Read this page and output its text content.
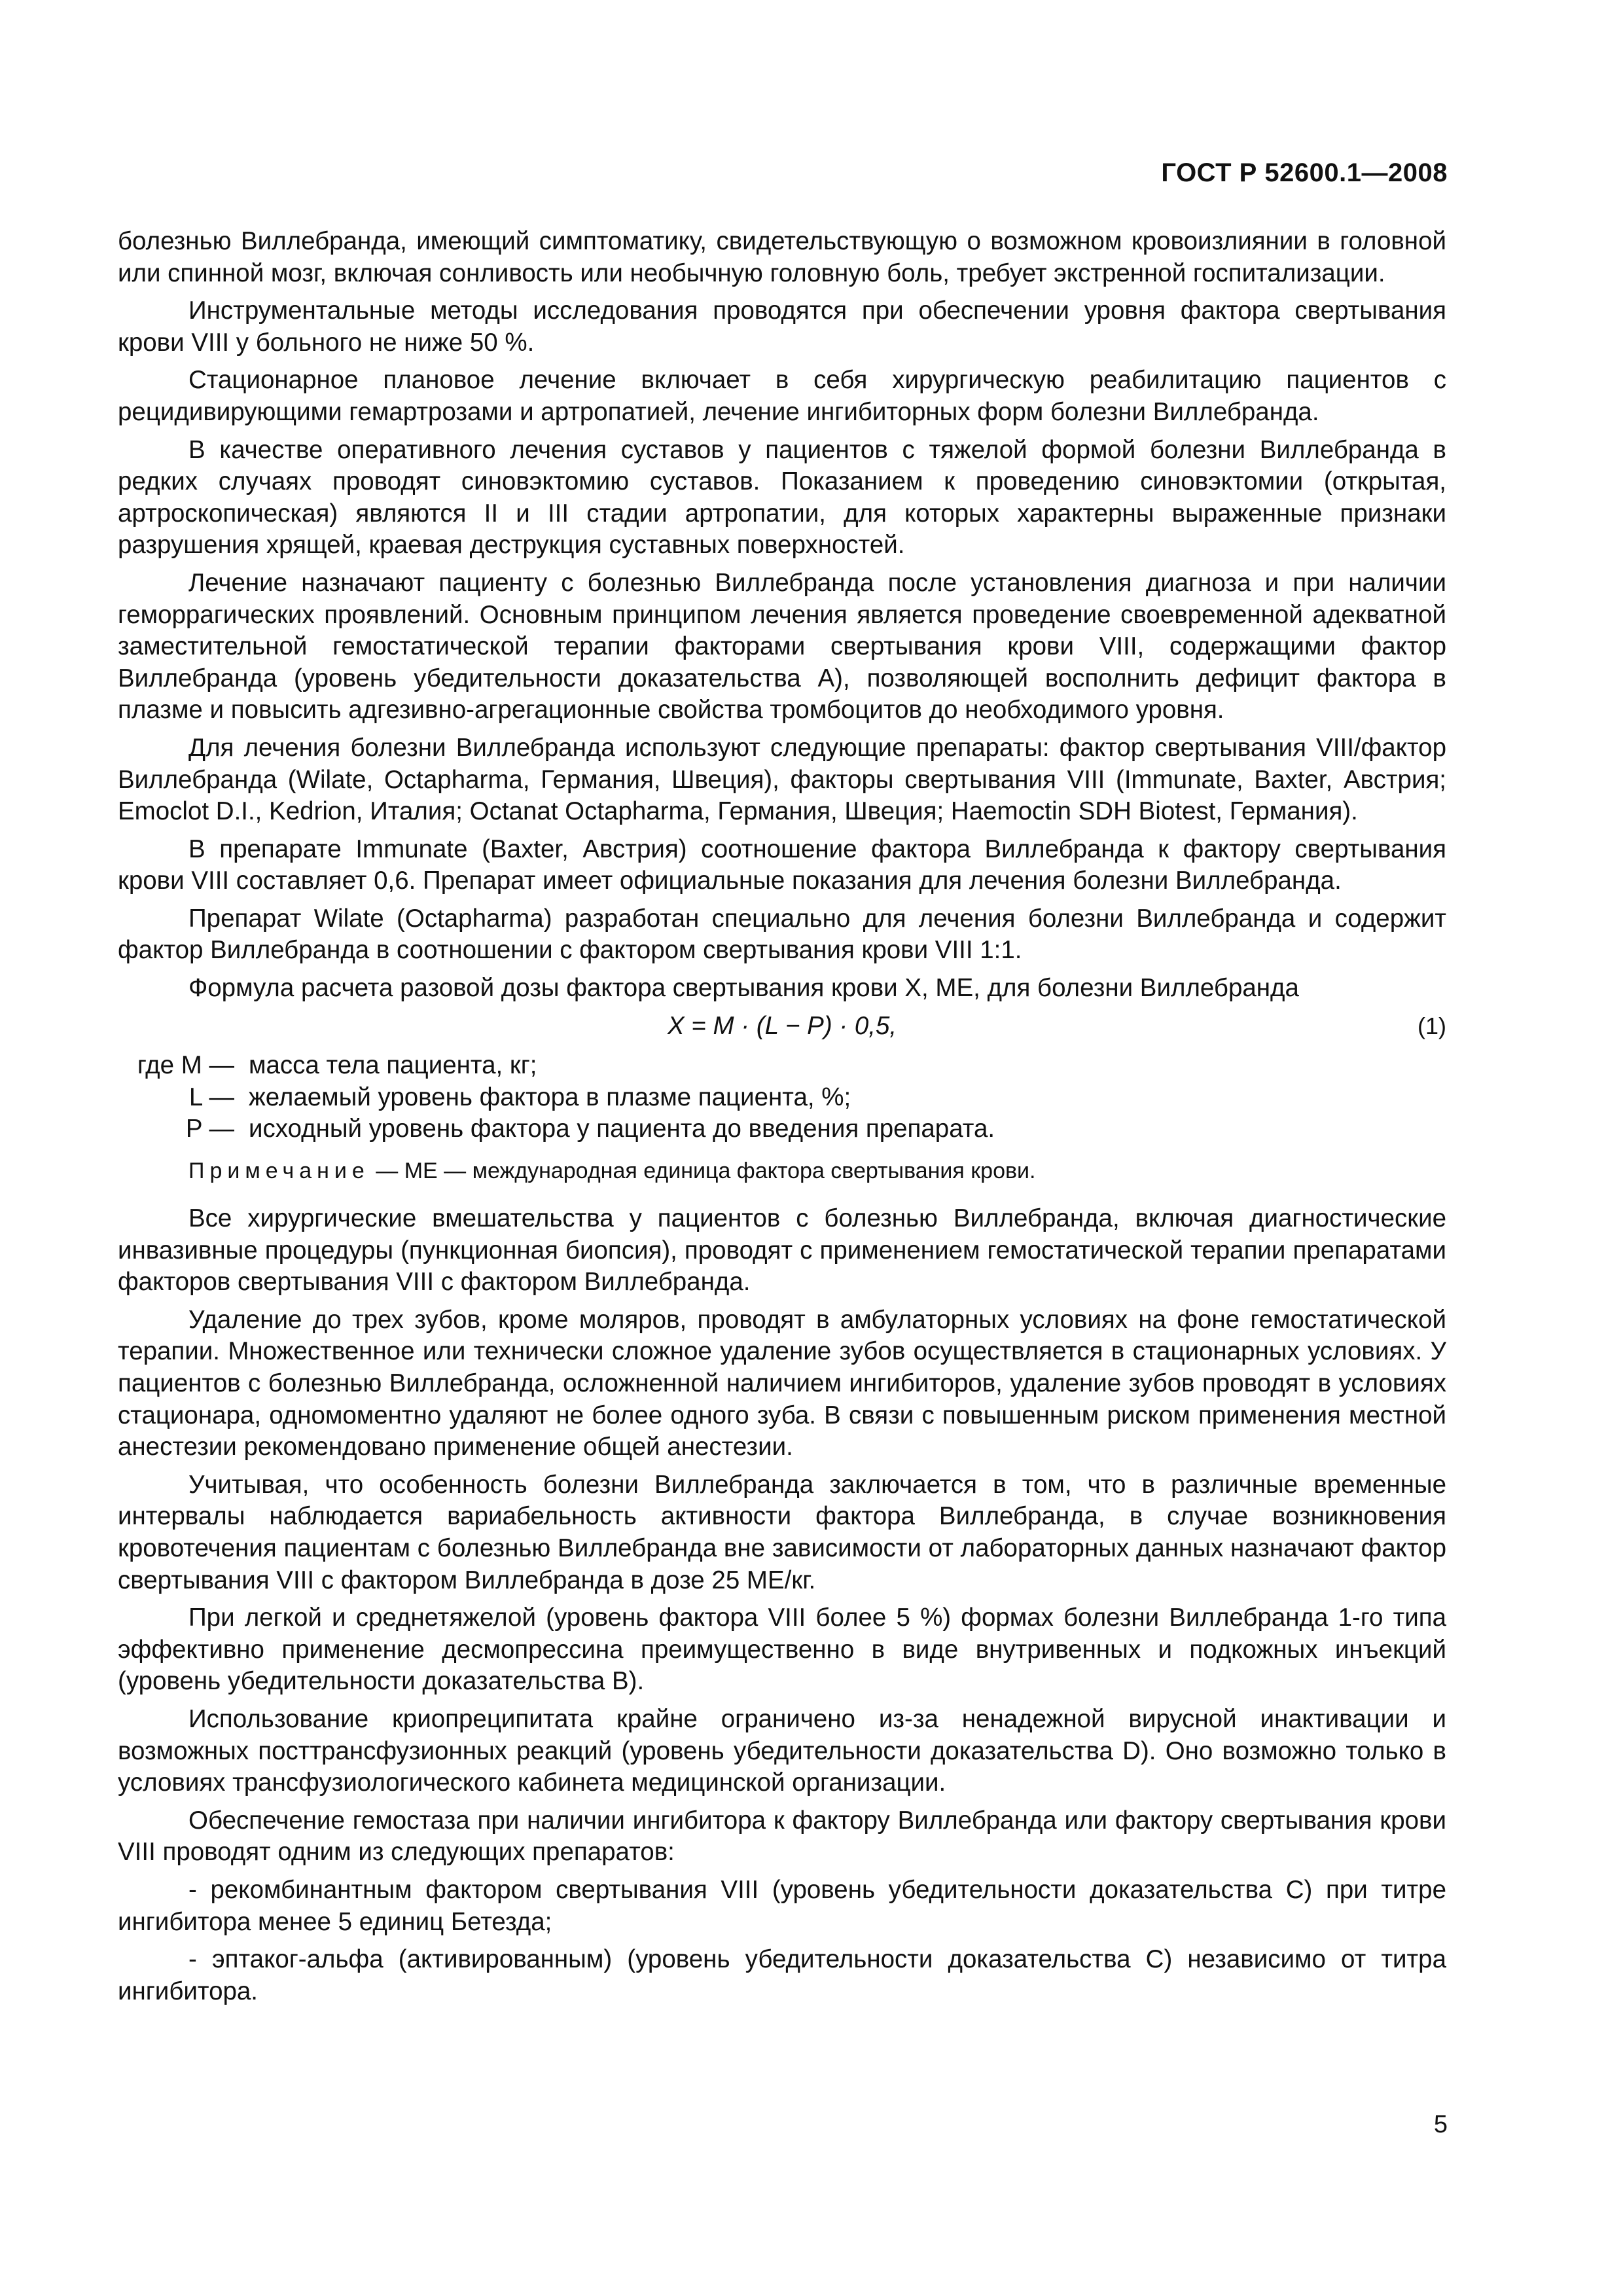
ГОСТ Р 52600.1—2008

болезнью Виллебранда, имеющий симптоматику, свидетельствующую о возможном кровоизлиянии в головной или спинной мозг, включая сонливость или необычную головную боль, требует экстренной госпитализации.

Инструментальные методы исследования проводятся при обеспечении уровня фактора свертывания крови VIII у больного не ниже 50 %.

Стационарное плановое лечение включает в себя хирургическую реабилитацию пациентов с рецидивирующими гемартрозами и артропатией, лечение ингибиторных форм болезни Виллебранда.

В качестве оперативного лечения суставов у пациентов с тяжелой формой болезни Виллебранда в редких случаях проводят синовэктомию суставов. Показанием к проведению синовэктомии (открытая, артроскопическая) являются II и III стадии артропатии, для которых характерны выраженные признаки разрушения хрящей, краевая деструкция суставных поверхностей.

Лечение назначают пациенту с болезнью Виллебранда после установления диагноза и при наличии геморрагических проявлений. Основным принципом лечения является проведение своевременной адекватной заместительной гемостатической терапии факторами свертывания крови VIII, содержащими фактор Виллебранда (уровень убедительности доказательства А), позволяющей восполнить дефицит фактора в плазме и повысить адгезивно-агрегационные свойства тромбоцитов до необходимого уровня.

Для лечения болезни Виллебранда используют следующие препараты: фактор свертывания VIII/фактор Виллебранда (Wilate, Octapharma, Германия, Швеция), факторы свертывания VIII (Immunate, Baxter, Австрия; Emoclot D.I., Kedrion, Италия; Octanat Octapharma, Германия, Швеция; Haemoctin SDH Biotest, Германия).

В препарате Immunate (Baxter, Австрия) соотношение фактора Виллебранда к фактору свертывания крови VIII составляет 0,6. Препарат имеет официальные показания для лечения болезни Виллебранда.

Препарат Wilate (Octapharma) разработан специально для лечения болезни Виллебранда и содержит фактор Виллебранда в соотношении с фактором свертывания крови VIII 1:1.

Формула расчета разовой дозы фактора свертывания крови X, МЕ, для болезни Виллебранда

X = M · (L − P) · 0,5,	(1)
где M — масса тела пациента, кг;
L — желаемый уровень фактора в плазме пациента, %;
P — исходный уровень фактора у пациента до введения препарата.
Примечание — МЕ — международная единица фактора свертывания крови.

Все хирургические вмешательства у пациентов с болезнью Виллебранда, включая диагностические инвазивные процедуры (пункционная биопсия), проводят с применением гемостатической терапии препаратами факторов свертывания VIII с фактором Виллебранда.

Удаление до трех зубов, кроме моляров, проводят в амбулаторных условиях на фоне гемостатической терапии. Множественное или технически сложное удаление зубов осуществляется в стационарных условиях. У пациентов с болезнью Виллебранда, осложненной наличием ингибиторов, удаление зубов проводят в условиях стационара, одномоментно удаляют не более одного зуба. В связи с повышенным риском применения местной анестезии рекомендовано применение общей анестезии.

Учитывая, что особенность болезни Виллебранда заключается в том, что в различные временные интервалы наблюдается вариабельность активности фактора Виллебранда, в случае возникновения кровотечения пациентам с болезнью Виллебранда вне зависимости от лабораторных данных назначают фактор свертывания VIII с фактором Виллебранда в дозе 25 МЕ/кг.

При легкой и среднетяжелой (уровень фактора VIII более 5 %) формах болезни Виллебранда 1-го типа эффективно применение десмопрессина преимущественно в виде внутривенных и подкожных инъекций (уровень убедительности доказательства В).

Использование криопреципитата крайне ограничено из-за ненадежной вирусной инактивации и возможных посттрансфузионных реакций (уровень убедительности доказательства D). Оно возможно только в условиях трансфузиологического кабинета медицинской организации.

Обеспечение гемостаза при наличии ингибитора к фактору Виллебранда или фактору свертывания крови VIII проводят одним из следующих препаратов:

- рекомбинантным фактором свертывания VIII (уровень убедительности доказательства С) при титре ингибитора менее 5 единиц Бетезда;

- эптаког-альфа (активированным) (уровень убедительности доказательства С) независимо от титра ингибитора.

5
